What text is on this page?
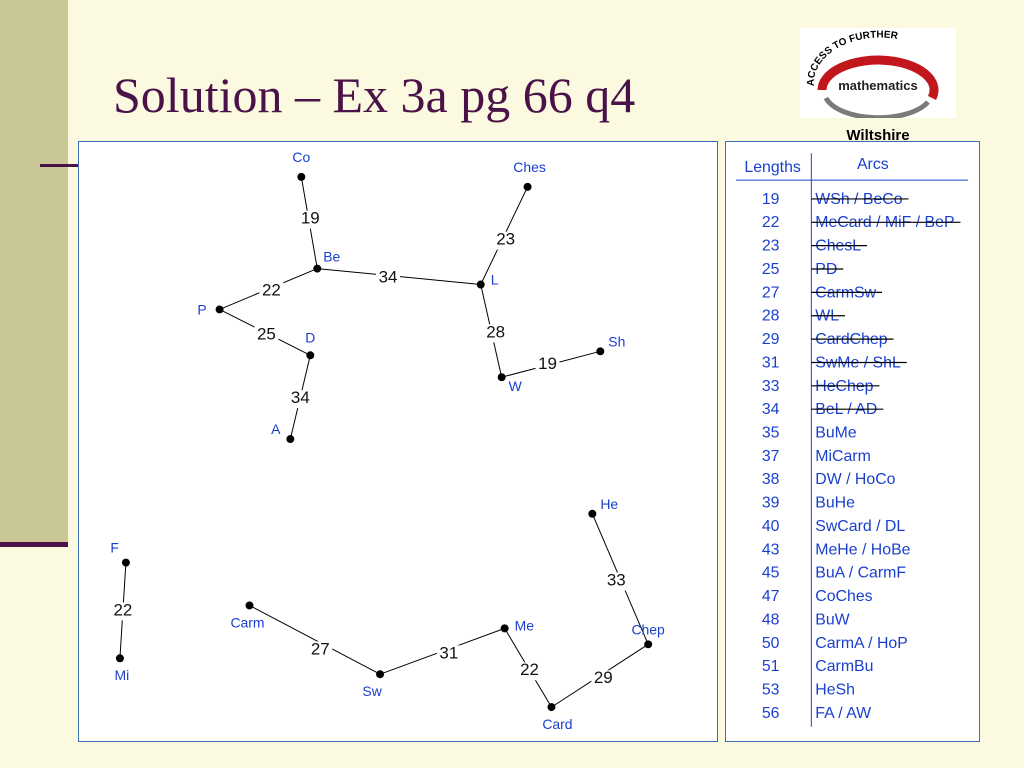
Solution – Ex 3a pg 66 q4	ACCESS TO FURTHER
mathematics
Wiltshire
19
22
34
25
34
23
28
19
22
27	31
22	29
33
Co
Be
P
D
A
L
Ches
W
Sh
F
Mi
Carm
Sw
Me
Card
Chep
He
Lengths	Arcs
19 WSh / BeCo
22 MeCard / MiF / BeP
23 ChesL
25 PD
27 CarmSw
28 WL
29 CardChep
31 SwMe / ShL
33 HeChep
34 BeL / AD
35 BuMe
37 MiCarm
38 DW / HoCo
39 BuHe
40 SwCard / DL
43 MeHe / HoBe
45 BuA / CarmF
47 CoChes
48 BuW
50 CarmA / HoP
51 CarmBu
53 HeSh
56 FA / AW
